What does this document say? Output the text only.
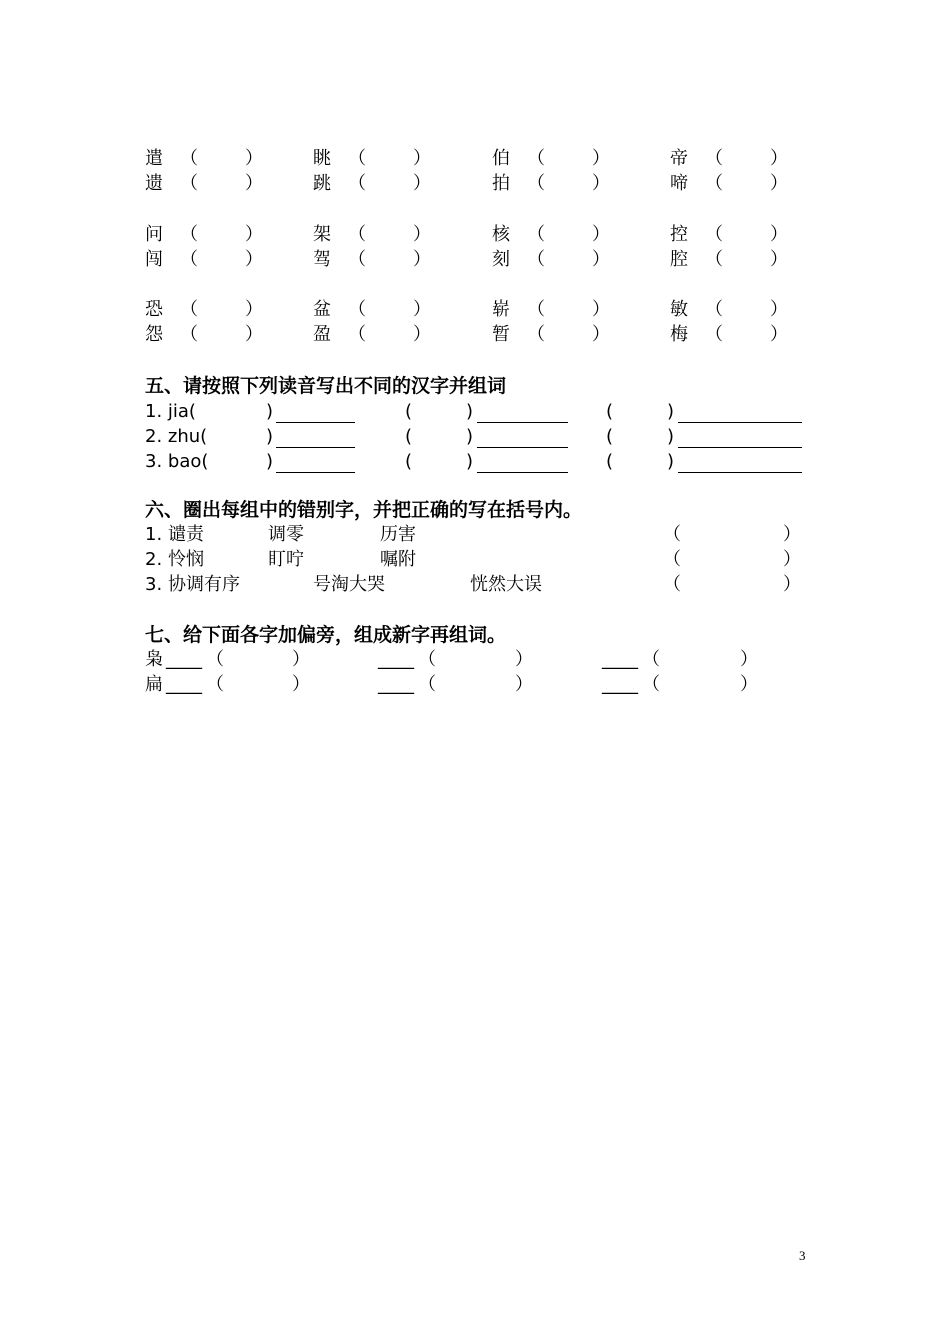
遣 （	）	眺 （	）	伯 （	）	帝 （	）
遗 （	）	跳 （	）	拍 （	）	啼 （	）
问 （	）	架 （	）	核 （	）	控 （	）
闯 （	）	驾 （	）	刻 （	）	腔 （	）
恐 （	）	盆 （	）	崭 （	）	敏 （	）
怨 （	）	盈 （	）	暂 （	）	梅 （	）
五、请按照下列读音写出不同的汉字并组词
1. jia(	)	(	)	(	)
2. zhu(	)	(	)	(	)
3. bao(	)	(	)	(	)
六、圈出每组中的错别字，并把正确的写在括号内。
1. 谴责	调零	历害	（	）
2. 怜悯	盯咛	嘱附	（	）
3. 协调有序	号淘大哭	恍然大误	（	）
七、给下面各字加偏旁，组成新字再组词。
枭 ____ （	）	____ （	）	____ （	）
扁 ____ （	）	____ （	）	____ （	）
3
